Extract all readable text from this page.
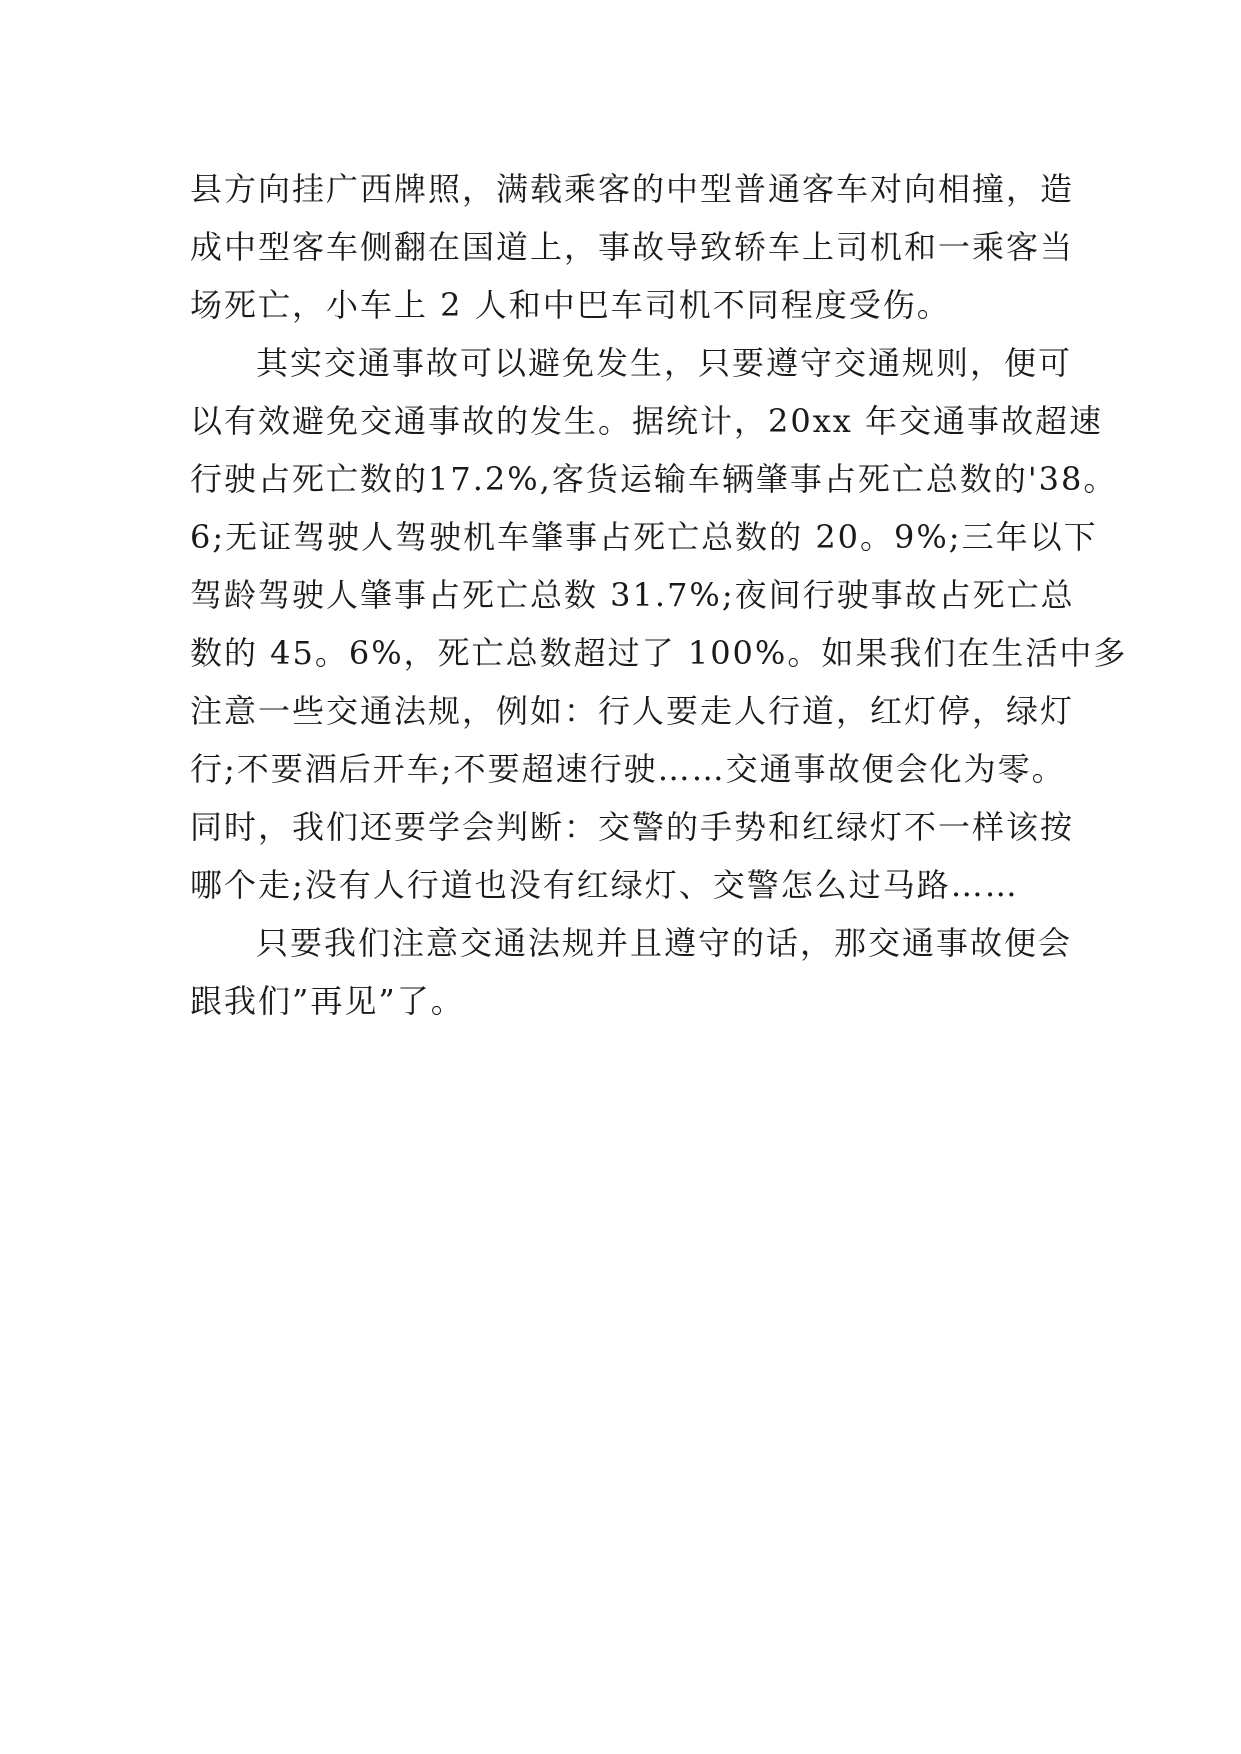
县方向挂广西牌照，满载乘客的中型普通客车对向相撞，造
成中型客车侧翻在国道上，事故导致轿车上司机和一乘客当
场死亡，小车上 2 人和中巴车司机不同程度受伤。
其实交通事故可以避免发生，只要遵守交通规则，便可
以有效避免交通事故的发生。据统计，20xx 年交通事故超速
行驶占死亡数的17.2%,客货运输车辆肇事占死亡总数的'38。
6;无证驾驶人驾驶机车肇事占死亡总数的 20。9%;三年以下
驾龄驾驶人肇事占死亡总数 31.7%;夜间行驶事故占死亡总
数的 45。6%，死亡总数超过了 100%。如果我们在生活中多
注意一些交通法规，例如：行人要走人行道，红灯停，绿灯
行;不要酒后开车;不要超速行驶……交通事故便会化为零。
同时，我们还要学会判断：交警的手势和红绿灯不一样该按
哪个走;没有人行道也没有红绿灯、交警怎么过马路……
只要我们注意交通法规并且遵守的话，那交通事故便会
跟我们”再见”了。
